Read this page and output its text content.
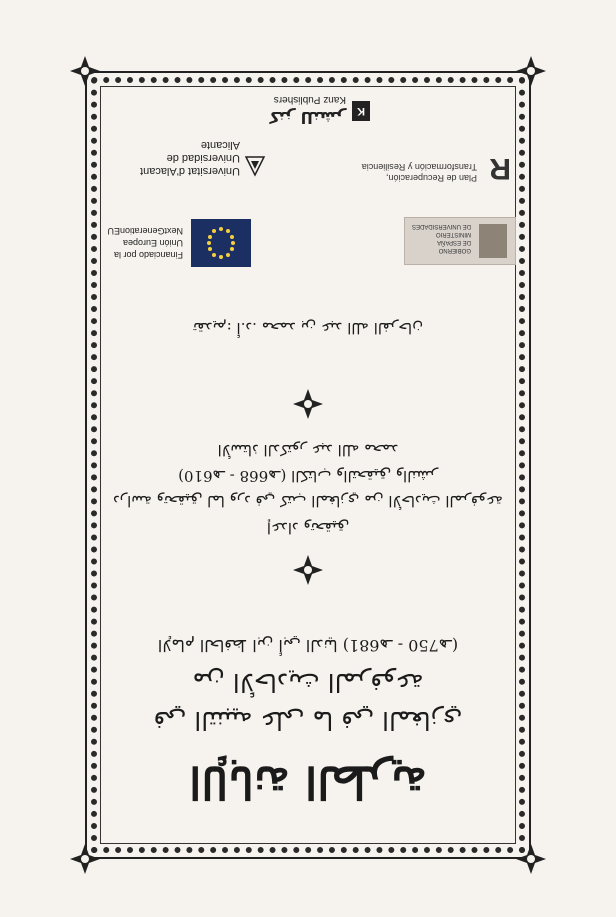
الإبانة الطرية
في التنبيه على ما في المغازي
من الأحاديث المرفوعة
الإمام الحافظ ابن أبي الدنيا (681هـ - 750هـ)
إعداد وتحقيق
دراسة وتحقيق لما ورد في كتب المغازي من الأحاديث المرفوعة
(610هـ - 668هـ) الكتاب والتحقيق والنشر
الأستاذ الدكتور عبد الله محمد
تقديم: أ.د. محمد بن عبد الله الفرحان
Financiado por la
Unión Europea
NextGenerationEU
GOBIERNO
DE ESPAÑA
MINISTERIO
DE UNIVERSIDADES
Universitat d'Alacant
Universidad de Alicante
R
Plan de Recuperación,
Transformación y Resiliencia
K
كنز للنشر
Kanz Publishers
